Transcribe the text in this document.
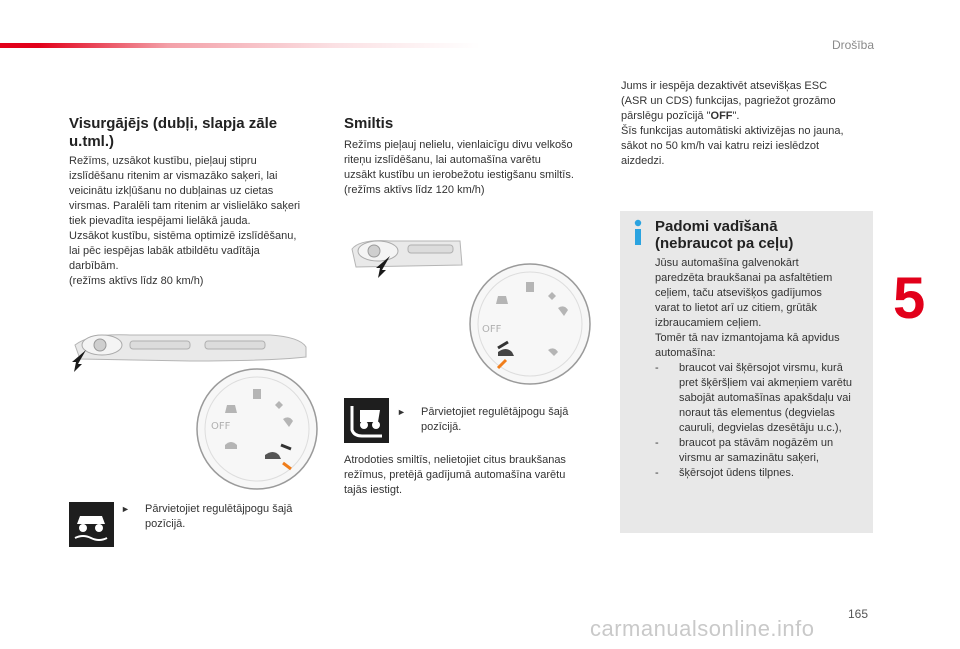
Drošība
5
165
carmanualsonline.info
Visurgājējs (dubļi, slapja zāle
u.tml.)
Režīms, uzsākot kustību, pieļauj stipru
izslīdēšanu ritenim ar vismazāko saķeri, lai
veicinātu izkļūšanu no dubļainas uz cietas
virsmas. Paralēli tam ritenim ar vislielāko saķeri
tiek pievadīta iespējami lielākā jauda.
Uzsākot kustību, sistēma optimizē izslīdēšanu,
lai pēc iespējas labāk atbildētu vadītāja
darbībām.
(režīms aktīvs līdz 80 km/h)
OFF
► Pārvietojiet regulētājpogu šajā
pozīcijā.
Smiltis
Režīms pieļauj nelielu, vienlaicīgu divu velkošo
riteņu izslīdēšanu, lai automašīna varētu
uzsākt kustību un ierobežotu iestigšanu smiltīs.
(režīms aktīvs līdz 120 km/h)
OFF
► Pārvietojiet regulētājpogu šajā
pozīcijā.
Atrodoties smiltīs, nelietojiet citus braukšanas
režīmus, pretējā gadījumā automašīna varētu
tajās iestigt.
Jums ir iespēja dezaktivēt atsevišķas ESC
(ASR un CDS) funkcijas, pagriežot grozāmo
pārslēgu pozīcijā "OFF".
Šīs funkcijas automātiski aktivizējas no jauna,
sākot no 50 km/h vai katru reizi ieslēdzot
aizdedzi.
Padomi vadīšanā
(nebraucot pa ceļu)
Jūsu automašīna galvenokārt
paredzēta braukšanai pa asfaltētiem
ceļiem, taču atsevišķos gadījumos
varat to lietot arī uz citiem, grūtāk
izbraucamiem ceļiem.
Tomēr tā nav izmantojama kā apvidus
automašīna:
- braucot vai šķērsojot virsmu, kurā
pret šķēršļiem vai akmeņiem varētu
sabojāt automašīnas apakšdaļu vai
noraut tās elementus (degvielas
cauruli, degvielas dzesētāju u.c.),
- braucot pa stāvām nogāzēm un
virsmu ar samazinātu saķeri,
- šķērsojot ūdens tilpnes.
